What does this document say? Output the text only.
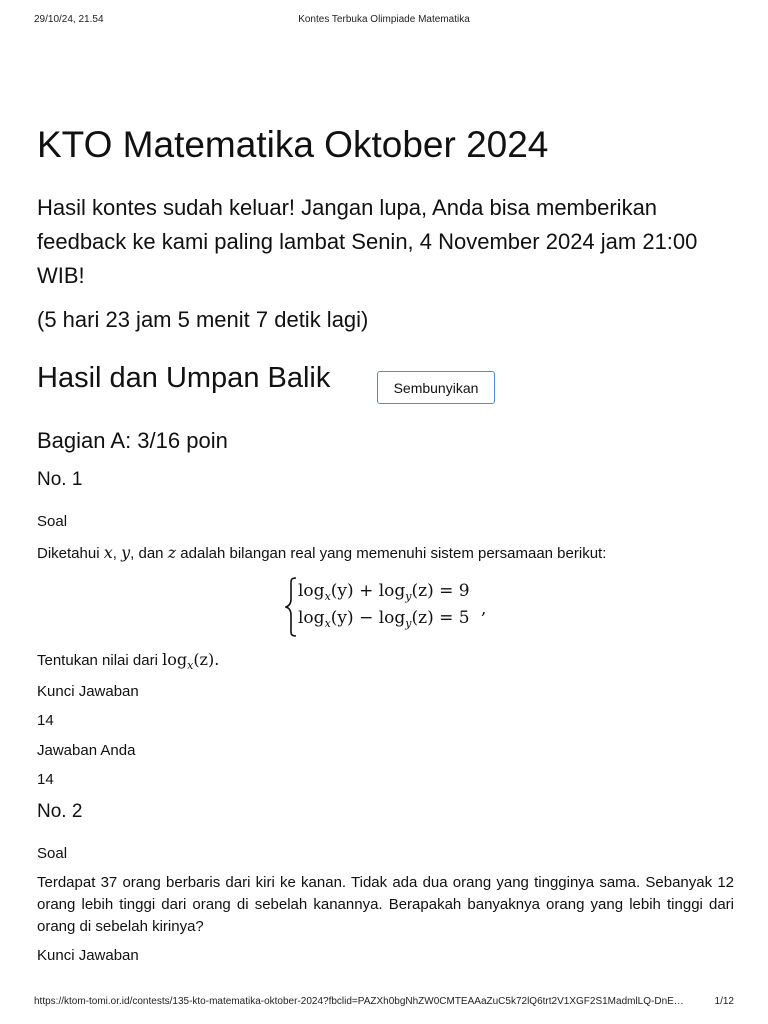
29/10/24, 21.54	Kontes Terbuka Olimpiade Matematika
KTO Matematika Oktober 2024

Hasil kontes sudah keluar! Jangan lupa, Anda bisa memberikan feedback ke kami paling lambat Senin, 4 November 2024 jam 21:00 WIB!

(5 hari 23 jam 5 menit 7 detik lagi)

Hasil dan Umpan Balik	Sembunyikan
Bagian A: 3/16 poin
No. 1

Soal

Diketahui x, y, dan z adalah bilangan real yang memenuhi sistem persamaan berikut:

$\log_x(y) + \log_y(z) = 9$
$\log_x(y) - \log_y(z) = 5$ ,

Tentukan nilai dari $\log_x(z)$.

Kunci Jawaban

14

Jawaban Anda

14

No. 2

Soal

Terdapat 37 orang berbaris dari kiri ke kanan. Tidak ada dua orang yang tingginya sama. Sebanyak 12 orang lebih tinggi dari orang di sebelah kanannya. Berapakah banyaknya orang yang lebih tinggi dari orang di sebelah kirinya?

Kunci Jawaban

https://ktom-tomi.or.id/contests/135-kto-matematika-oktober-2024?fbclid=PAZXh0bgNhZW0CMTEAAaZuC5k72lQ6trt2V1XGF2S1MadmlLQ-DnE…	1/12
